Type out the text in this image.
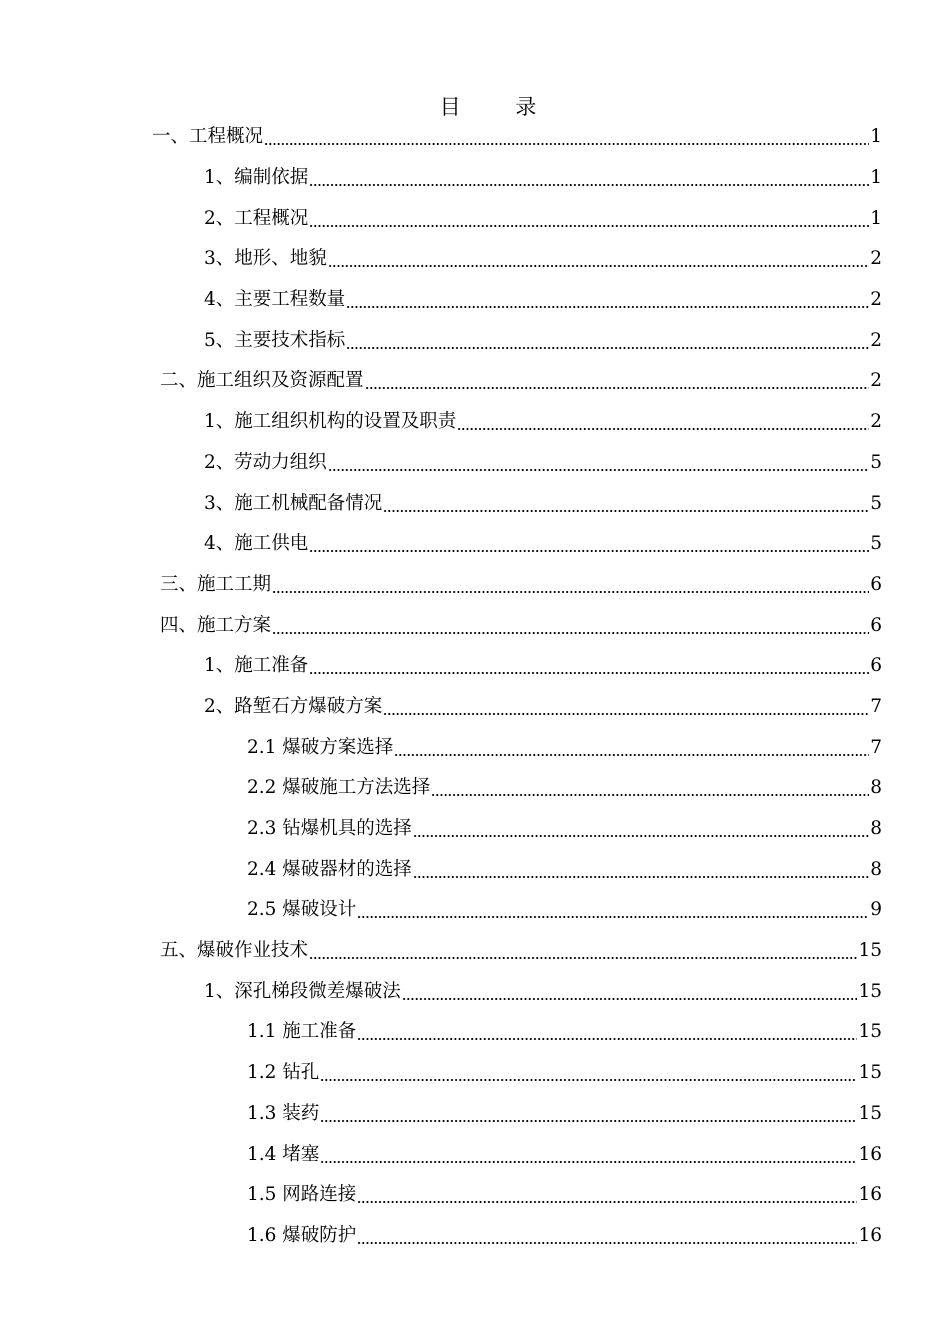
目 录
一、工程概况	1
1、编制依据	1
2、工程概况	1
3、地形、地貌	2
4、主要工程数量	2
5、主要技术指标	2
二、施工组织及资源配置	2
1、施工组织机构的设置及职责	2
2、劳动力组织	5
3、施工机械配备情况	5
4、施工供电	5
三、施工工期	6
四、施工方案	6
1、施工准备	6
2、路堑石方爆破方案	7
2.1 爆破方案选择	7
2.2 爆破施工方法选择	8
2.3 钻爆机具的选择	8
2.4 爆破器材的选择	8
2.5 爆破设计	9
五、爆破作业技术	15
1、深孔梯段微差爆破法	15
1.1 施工准备	15
1.2 钻孔	15
1.3 装药	15
1.4 堵塞	16
1.5 网路连接	16
1.6 爆破防护	16
